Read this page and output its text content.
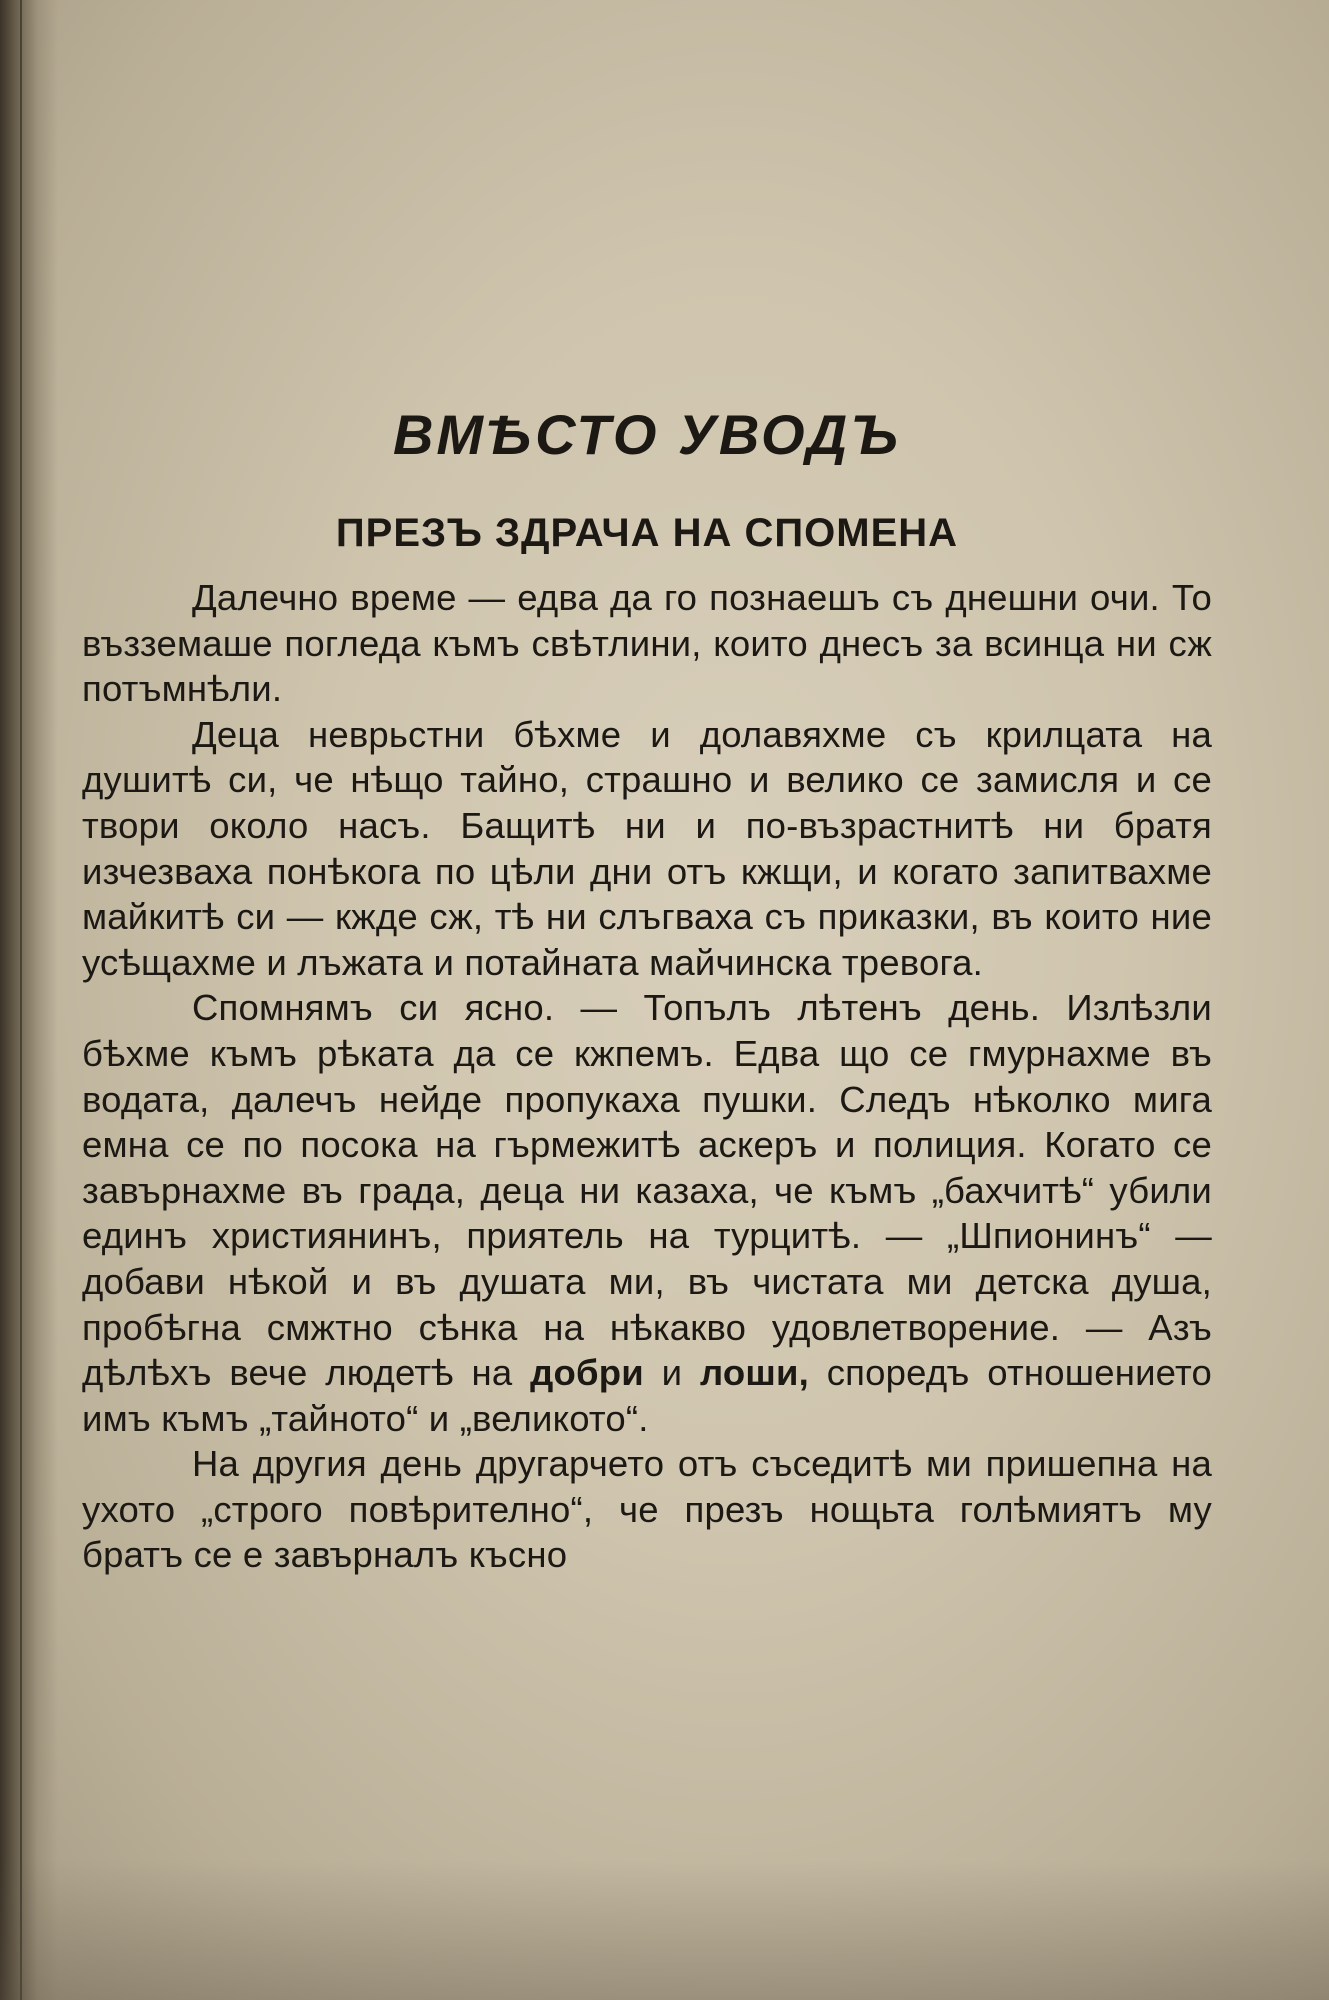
ВМѢСТО УВОДЪ
ПРЕЗЪ ЗДРАЧА НА СПОМЕНА

Далечно време — едва да го познаешъ съ днешни очи. То възземаше погледа къмъ свѣтлини, които днесъ за всинца ни сж потъмнѣли.

Деца неврьстни бѣхме и долавяхме съ крилцата на душитѣ си, че нѣщо тайно, страшно и велико се замисля и се твори около насъ. Бащитѣ ни и по-възрастнитѣ ни братя изчезваха понѣкога по цѣли дни отъ кжщи, и когато запитвахме майкитѣ си — кжде сж, тѣ ни слъгваха съ приказки, въ които ние усѣщахме и лъжата и потайната майчинска тревога.

Спомнямъ си ясно. — Топълъ лѣтенъ день. Излѣзли бѣхме къмъ рѣката да се кжпемъ. Едва що се гмурнахме въ водата, далечъ нейде пропукаха пушки. Следъ нѣколко мига емна се по посока на гърмежитѣ аскеръ и полиция. Когато се завърнахме въ града, деца ни казаха, че къмъ „бахчитѣ“ убили единъ християнинъ, приятель на турцитѣ. — „Шпионинъ“ — добави нѣкой и въ душата ми, въ чистата ми детска душа, пробѣгна смжтно сѣнка на нѣкакво удовлетворение. — Азъ дѣлѣхъ вече людетѣ на добри и лоши, споредъ отношението имъ къмъ „тайното“ и „великото“.

На другия день другарчето отъ съседитѣ ми пришепна на ухото „строго повѣрително“, че презъ нощьта голѣмиятъ му братъ се е завърналъ късно
